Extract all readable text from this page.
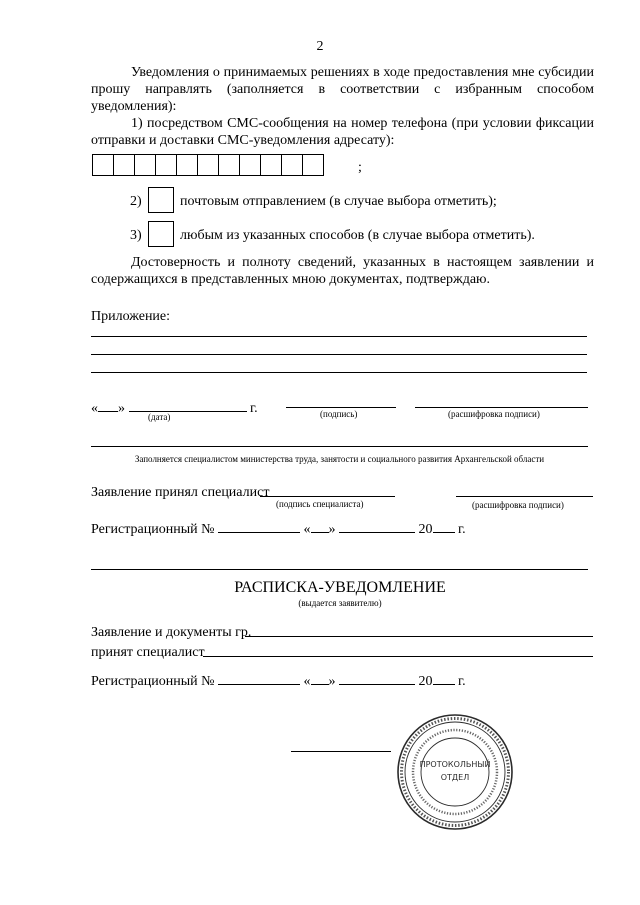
2

Уведомления о принимаемых решениях в ходе предоставления мне субсидии прошу направлять (заполняется в соответствии с избранным способом уведомления):

1) посредством СМС-сообщения на номер телефона (при условии фиксации отправки и доставки СМС-уведомления адресату):

;
2)	почтовым отправлением (в случае выбора отметить);
3)	любым из указанных способов (в случае выбора отметить).

Достоверность и полноту сведений, указанных в настоящем заявлении и содержащихся в представленных мною документах, подтверждаю.

Приложение:
« »	г.
(дата)	(подпись)	(расшифровка подписи)
Заполняется специалистом министерства труда, занятости и социального развития Архангельской области
Заявление принял специалист
(подпись специалиста)	(расшифровка подписи)
Регистрационный №	« »	20 г.
РАСПИСКА-УВЕДОМЛЕНИЕ
(выдается заявителю)
Заявление и документы гр.
принят специалист
Регистрационный №	« »	20 г.
ПРОТОКОЛЬНЫЙ
ОТДЕЛ
